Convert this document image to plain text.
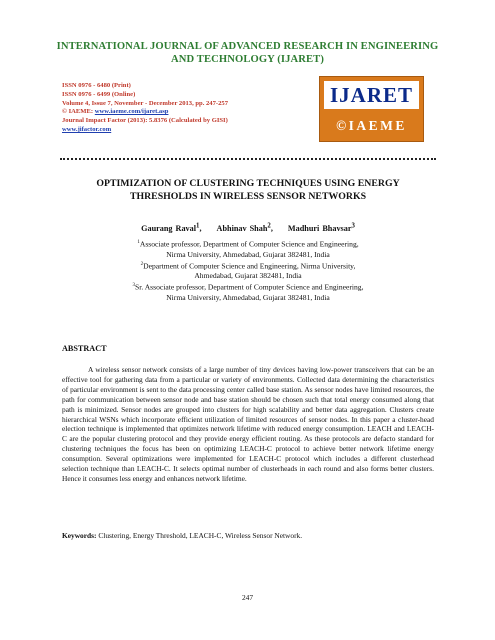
INTERNATIONAL JOURNAL OF ADVANCED RESEARCH IN ENGINEERING
AND TECHNOLOGY (IJARET)
ISSN 0976 - 6480 (Print)
ISSN 0976 - 6499 (Online)
Volume 4, Issue 7, November - December 2013, pp. 247-257
© IAEME: www.iaeme.com/ijaret.asp
Journal Impact Factor (2013): 5.8376 (Calculated by GISI)
www.jifactor.com
IJARET
©IAEME
OPTIMIZATION OF CLUSTERING TECHNIQUES USING ENERGY
THRESHOLDS IN WIRELESS SENSOR NETWORKS
Gaurang Raval$^1$, Abhinav Shah$^2$, Madhuri Bhavsar$^3$
$^1$Associate professor, Department of Computer Science and Engineering,
Nirma University, Ahmedabad, Gujarat 382481, India
$^2$Department of Computer Science and Engineering, Nirma University,
Ahmedabad, Gujarat 382481, India
$^3$Sr. Associate professor, Department of Computer Science and Engineering,
Nirma University, Ahmedabad, Gujarat 382481, India
ABSTRACT
A wireless sensor network consists of a large number of tiny devices having low-power transceivers that can be an effective tool for gathering data from a particular or variety of environments. Collected data determining the characteristics of particular environment is sent to the data processing center called base station. As sensor nodes have limited resources, the path for communication between sensor node and base station should be chosen such that total energy consumed along that path is minimized. Sensor nodes are grouped into clusters for high scalability and better data aggregation. Clusters create hierarchical WSNs which incorporate efficient utilization of limited resources of sensor nodes. In this paper a cluster-head election technique is implemented that optimizes network lifetime with reduced energy consumption. LEACH and LEACH-C are the popular clustering protocol and they provide energy efficient routing. As these protocols are defacto standard for clustering techniques the focus has been on optimizing LEACH-C protocol to achieve better network lifetime energy consumption. Several optimizations were implemented for LEACH-C protocol which includes a different clusterhead selection technique than LEACH-C. It selects optimal number of clusterheads in each round and also forms better clusters. Hence it consumes less energy and enhances network lifetime.
Keywords: Clustering, Energy Threshold, LEACH-C, Wireless Sensor Network.
247
